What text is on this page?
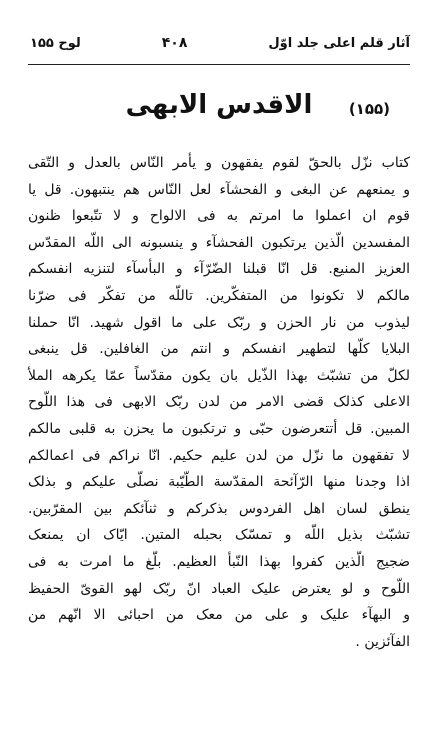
آثار قلم اعلی جلد اوّل
۴۰۸
لوح ۱۵۵
(۱۵۵)
الاقدس الابهی
کتاب نزّل بالحقّ لقوم یفقهون و یأمر النّاس بالعدل و التّقی
و یمنعهم عن البغی و الفحشآء لعل النّاس هم ینتبهون. قل یا
قوم ان اعملوا ما امرتم به فی الالواح و لا تتّبعوا ظنون
المفسدین الّذین یرتکبون الفحشآء و ینسبونه الی اللّه المقدّس
العزیز المنیع. قل انّا قبلنا الضّرّآء و البأسآء لتنزیه انفسکم
مالکم لا تکونوا من المتفکّرین. تاللّه من تفکّر فی ضرّنا
لیذوب من نار الحزن و ربّک علی ما اقول شهید. انّا حملنا
البلایا کلّها لتطهیر انفسکم و انتم من الغافلین. قل ینبغی
لکلّ من تشبّث بهذا الذّیل بان یکون مقدّساً عمّا یکرهه الملأ
الاعلی کذلک قضی الامر من لدن ربّک الابهی فی هذا اللّوح
المبین. قل أتتعرضون حبّی و ترتکبون ما یحزن به قلبی مالکم
لا تفقهون ما نزّل من لدن علیم حکیم. انّا نراکم فی اعمالکم
اذا وجدنا منها الرّآئحة المقدّسة الطّیّبة نصلّی علیکم و بذلک
ینطق لسان اهل الفردوس بذکرکم و ثنآئکم بین المقرّبین.
تشبّث بذیل اللّه و تمسّک بحبله المتین. ایّاک ان یمنعک
ضجیج الّذین کفروا بهذا النّبأ العظیم. بلّغ ما امرت به فی
اللّوح و لو یعترض علیک العباد انّ ربّک لهو القویّ الحفیظ
و البهآء علیک و علی من معک من احبائی الا انّهم من
الفآئزین .
